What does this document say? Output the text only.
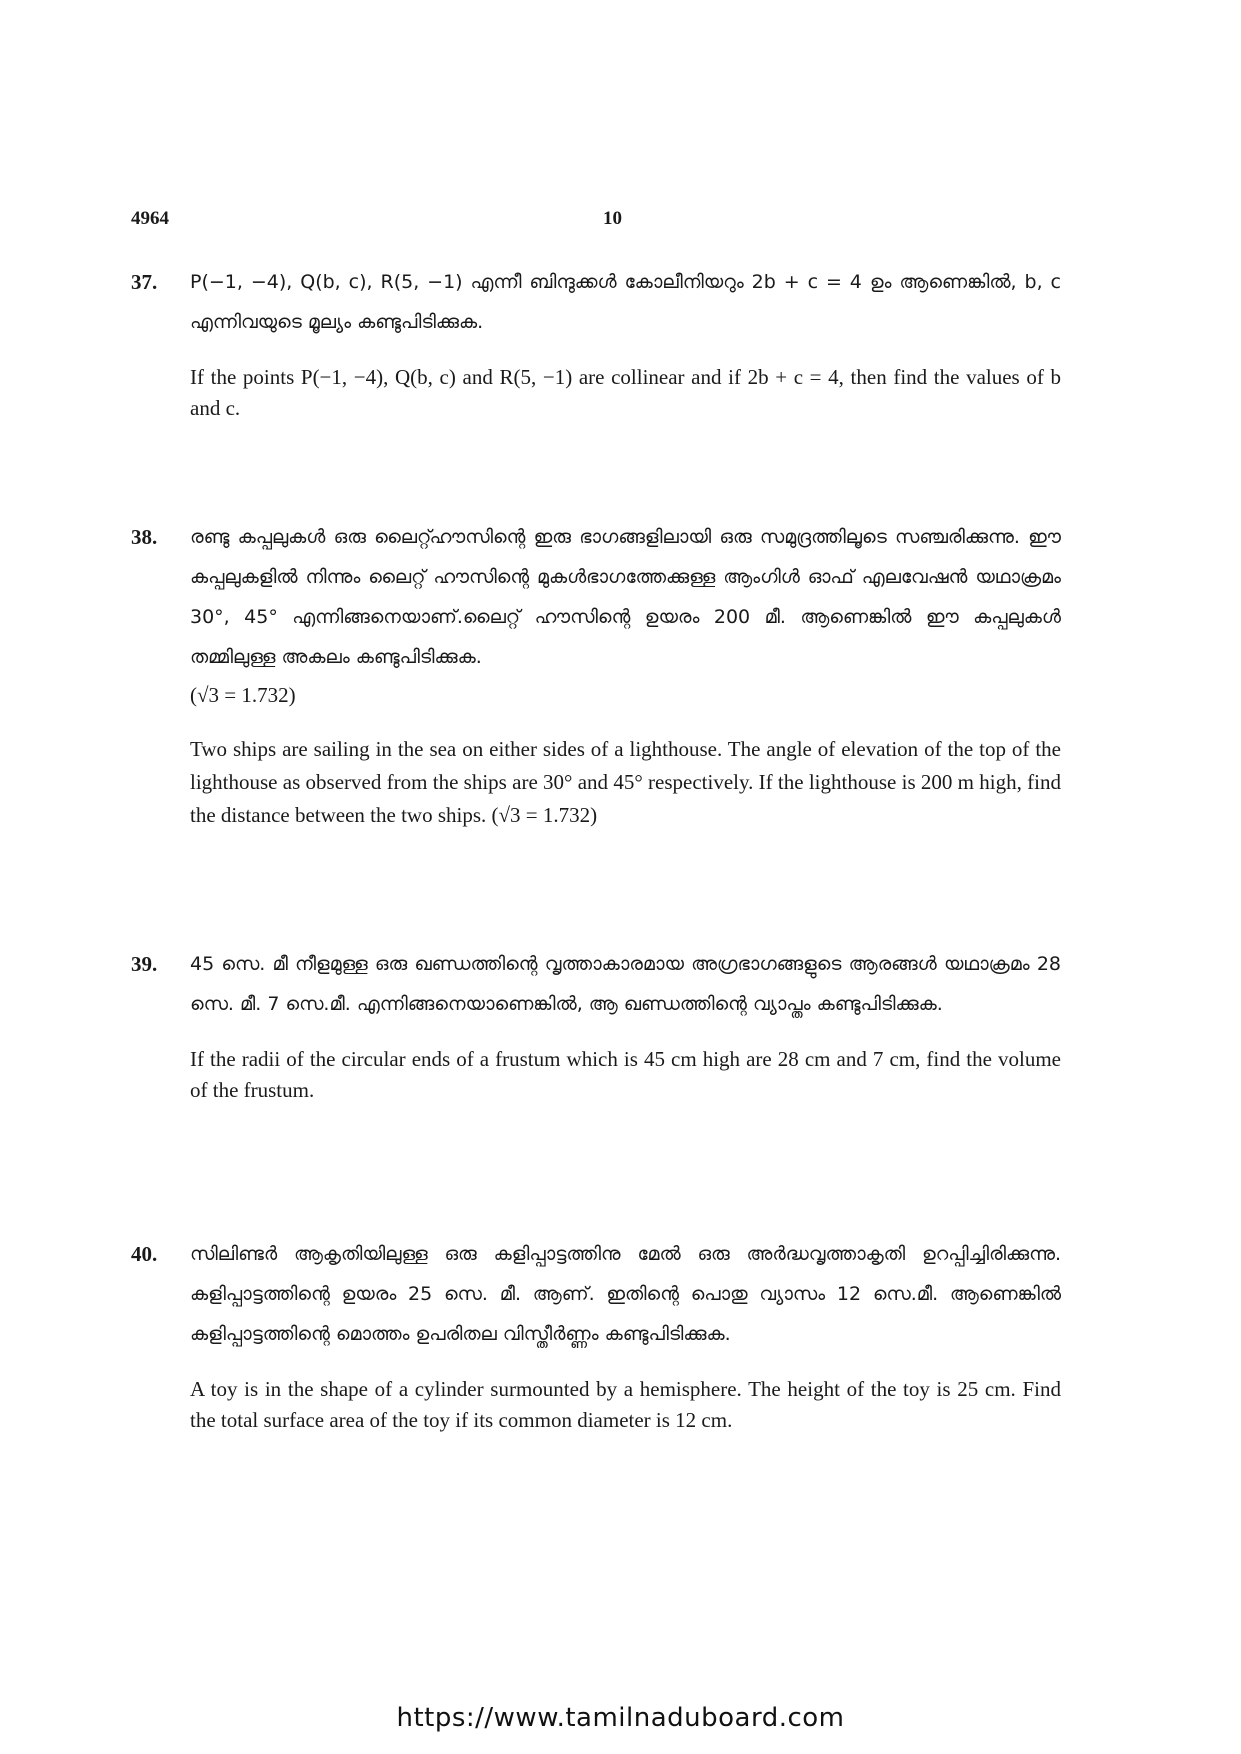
4964	10
37. P(−1, −4), Q(b, c), R(5, −1) എന്നീ ബിന്ദുക്കൾ കോലീനിയറും 2b + c = 4 ഉം ആണെങ്കിൽ, b, c എന്നിവയുടെ മൂല്യം കണ്ടുപിടിക്കുക.

If the points P(−1, −4), Q(b, c) and R(5, −1) are collinear and if 2b + c = 4, then find the values of b and c.

38. രണ്ടു കപ്പലുകൾ ഒരു ലൈറ്റ്ഹൗസിന്റെ ഇരു ഭാഗങ്ങളിലായി ഒരു സമുദ്രത്തിലൂടെ സഞ്ചരിക്കുന്നു. ഈ കപ്പലുകളിൽ നിന്നും ലൈറ്റ് ഹൗസിന്റെ മുകൾഭാഗത്തേക്കുള്ള ആംഗിൾ ഓഫ് എലവേഷൻ യഥാക്രമം 30°, 45° എന്നിങ്ങനെയാണ്.ലൈറ്റ് ഹൗസിന്റെ ഉയരം 200 മീ. ആണെങ്കിൽ ഈ കപ്പലുകൾ തമ്മിലുള്ള അകലം കണ്ടുപിടിക്കുക.

(√3 = 1.732)

Two ships are sailing in the sea on either sides of a lighthouse. The angle of elevation of the top of the lighthouse as observed from the ships are 30° and 45° respectively. If the lighthouse is 200 m high, find the distance between the two ships. (√3 = 1.732)

39. 45 സെ. മീ നീളമുള്ള ഒരു ഖണ്ഡത്തിന്റെ വൃത്താകാരമായ അഗ്രഭാഗങ്ങളുടെ ആരങ്ങൾ യഥാക്രമം 28 സെ. മീ. 7 സെ.മീ. എന്നിങ്ങനെയാണെങ്കിൽ, ആ ഖണ്ഡത്തിന്റെ വ്യാപ്തം കണ്ടുപിടിക്കുക.

If the radii of the circular ends of a frustum which is 45 cm high are 28 cm and 7 cm, find the volume of the frustum.

40. സിലിണ്ടർ ആകൃതിയിലുള്ള ഒരു കളിപ്പാട്ടത്തിനു മേൽ ഒരു അർദ്ധവൃത്താകൃതി ഉറപ്പിച്ചിരിക്കുന്നു. കളിപ്പാട്ടത്തിന്റെ ഉയരം 25 സെ. മീ. ആണ്. ഇതിന്റെ പൊതു വ്യാസം 12 സെ.മീ. ആണെങ്കിൽ കളിപ്പാട്ടത്തിന്റെ മൊത്തം ഉപരിതല വിസ്തീർണ്ണം കണ്ടുപിടിക്കുക.

A toy is in the shape of a cylinder surmounted by a hemisphere. The height of the toy is 25 cm. Find the total surface area of the toy if its common diameter is 12 cm.

https://www.tamilnaduboard.com
